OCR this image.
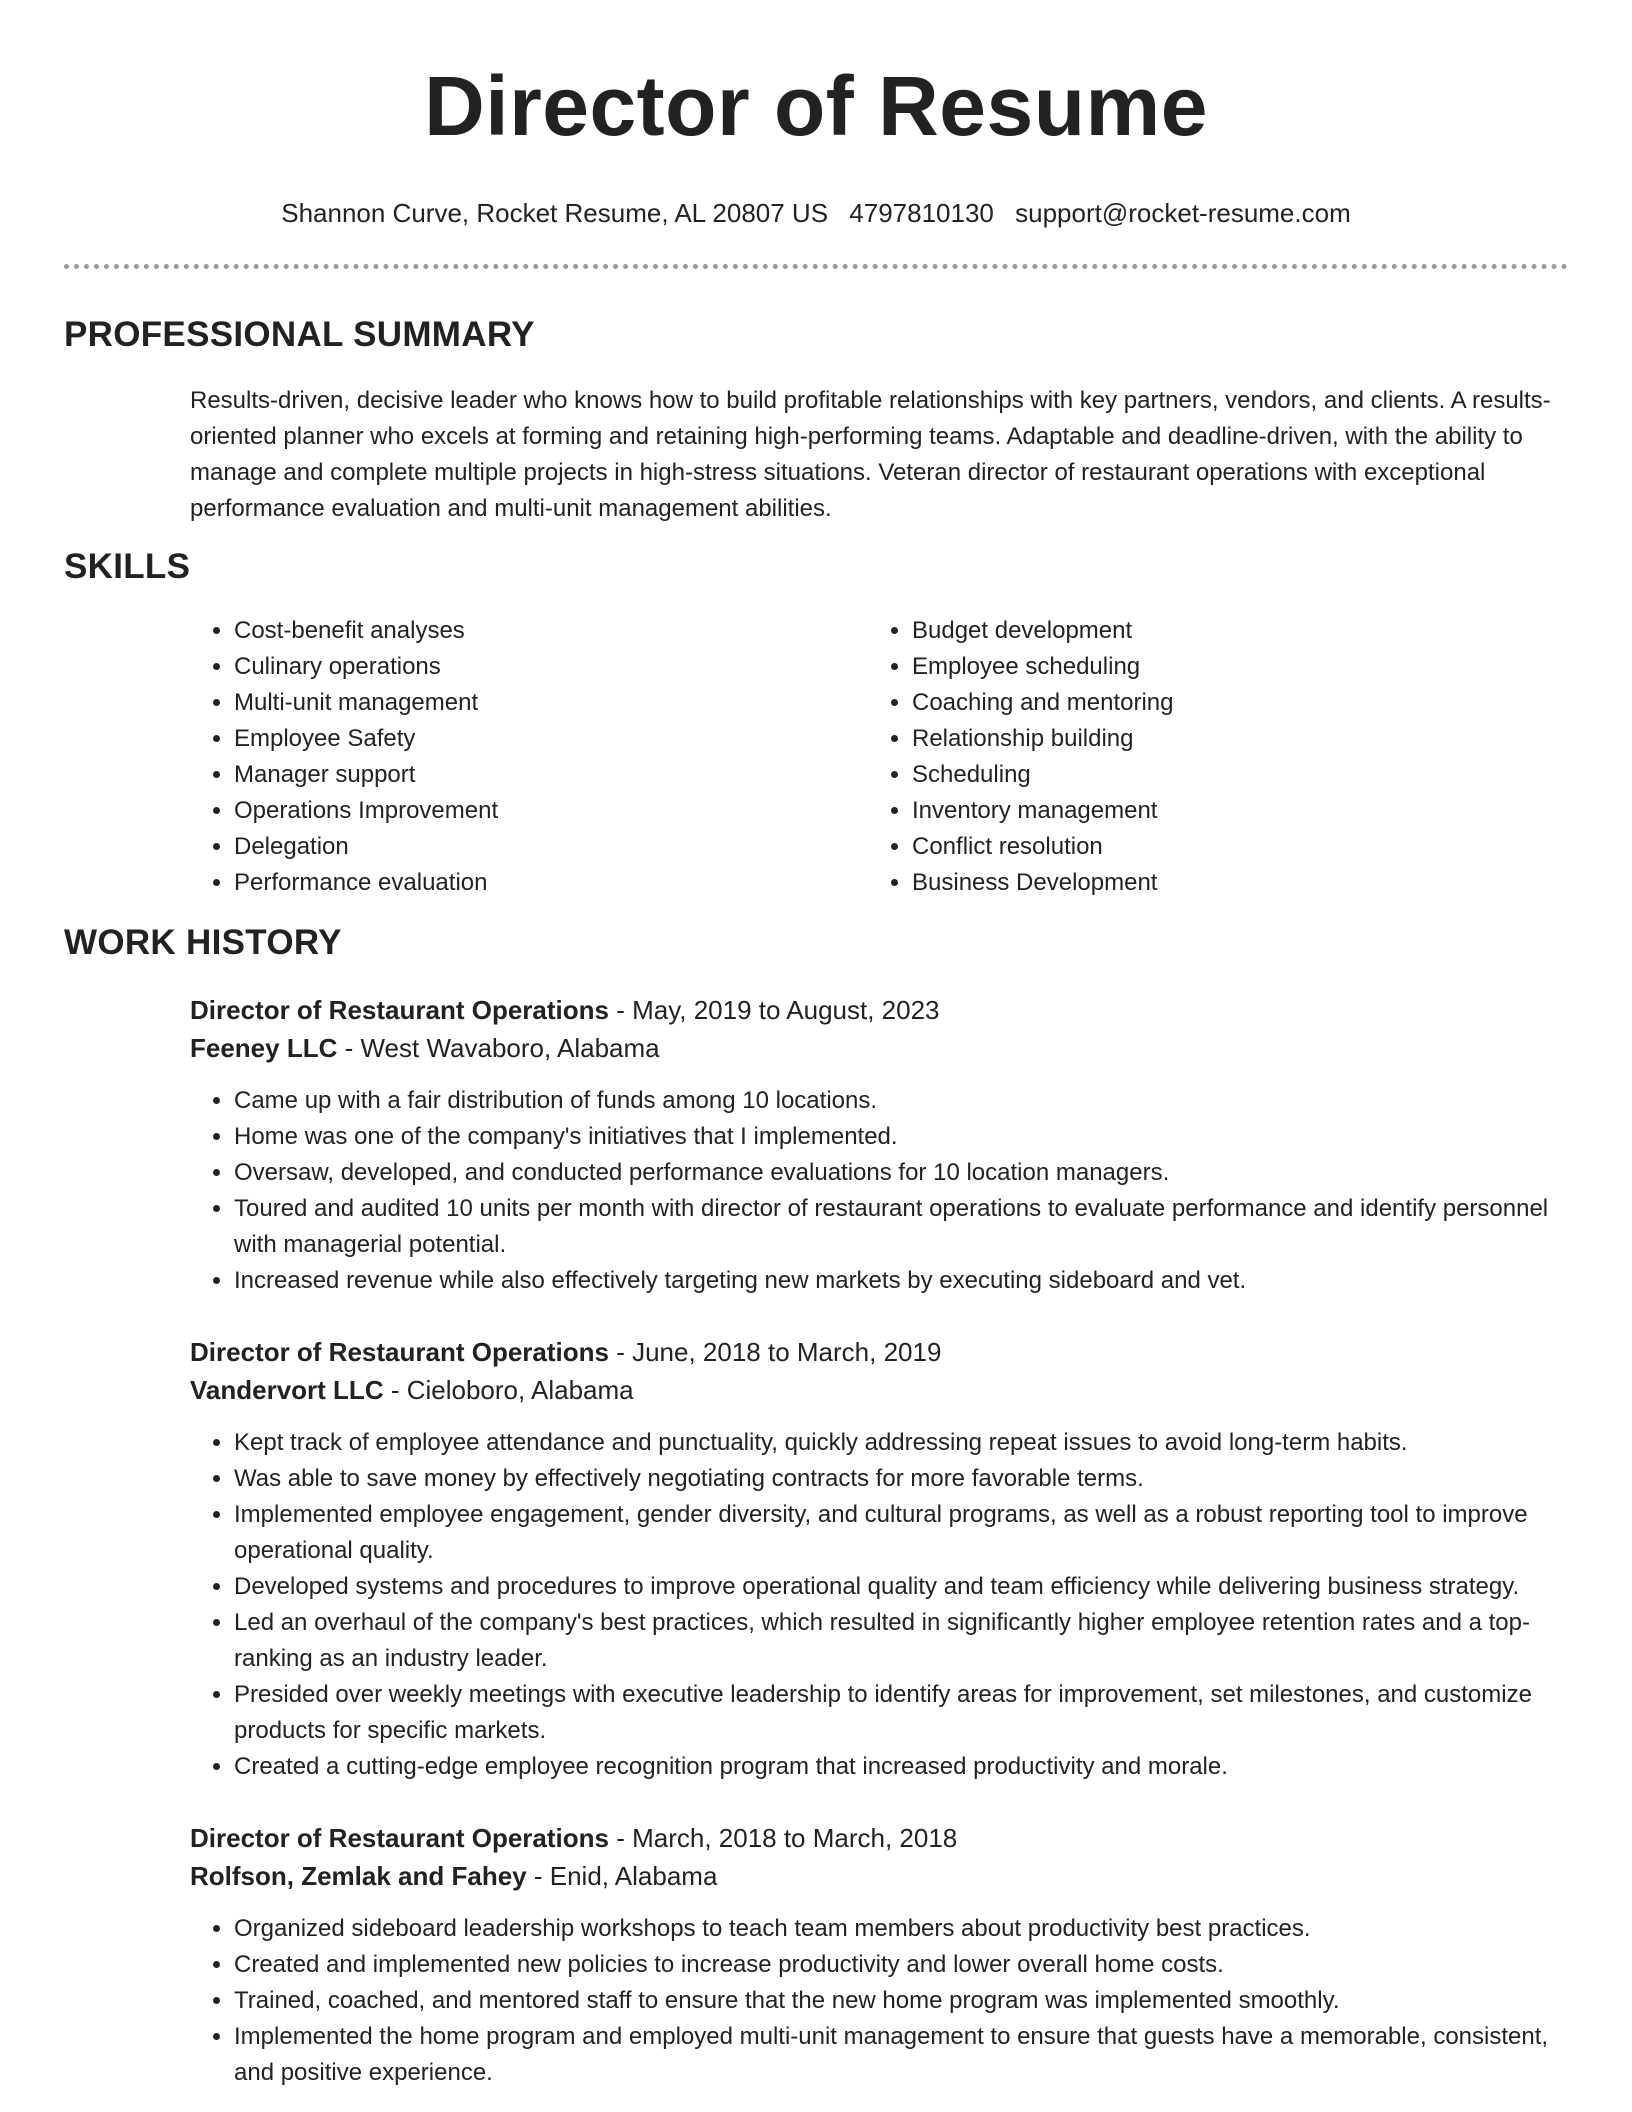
Director of Resume
Shannon Curve, Rocket Resume, AL 20807 US 4797810130 support@rocket-resume.com
PROFESSIONAL SUMMARY

Results-driven, decisive leader who knows how to build profitable relationships with key partners, vendors, and clients. A results-oriented planner who excels at forming and retaining high-performing teams. Adaptable and deadline-driven, with the ability to manage and complete multiple projects in high-stress situations. Veteran director of restaurant operations with exceptional performance evaluation and multi-unit management abilities.

SKILLS
• Cost-benefit analyses
• Culinary operations
• Multi-unit management
• Employee Safety
• Manager support
• Operations Improvement
• Delegation
• Performance evaluation
• Budget development
• Employee scheduling
• Coaching and mentoring
• Relationship building
• Scheduling
• Inventory management
• Conflict resolution
• Business Development
WORK HISTORY
Director of Restaurant Operations - May, 2019 to August, 2023
Feeney LLC - West Wavaboro, Alabama
• Came up with a fair distribution of funds among 10 locations.
• Home was one of the company's initiatives that I implemented.
• Oversaw, developed, and conducted performance evaluations for 10 location managers.
• Toured and audited 10 units per month with director of restaurant operations to evaluate performance and identify personnel with managerial potential.
• Increased revenue while also effectively targeting new markets by executing sideboard and vet.
Director of Restaurant Operations - June, 2018 to March, 2019
Vandervort LLC - Cieloboro, Alabama
• Kept track of employee attendance and punctuality, quickly addressing repeat issues to avoid long-term habits.
• Was able to save money by effectively negotiating contracts for more favorable terms.
• Implemented employee engagement, gender diversity, and cultural programs, as well as a robust reporting tool to improve operational quality.
• Developed systems and procedures to improve operational quality and team efficiency while delivering business strategy.
• Led an overhaul of the company's best practices, which resulted in significantly higher employee retention rates and a top-ranking as an industry leader.
• Presided over weekly meetings with executive leadership to identify areas for improvement, set milestones, and customize products for specific markets.
• Created a cutting-edge employee recognition program that increased productivity and morale.
Director of Restaurant Operations - March, 2018 to March, 2018
Rolfson, Zemlak and Fahey - Enid, Alabama
• Organized sideboard leadership workshops to teach team members about productivity best practices.
• Created and implemented new policies to increase productivity and lower overall home costs.
• Trained, coached, and mentored staff to ensure that the new home program was implemented smoothly.
• Implemented the home program and employed multi-unit management to ensure that guests have a memorable, consistent, and positive experience.
